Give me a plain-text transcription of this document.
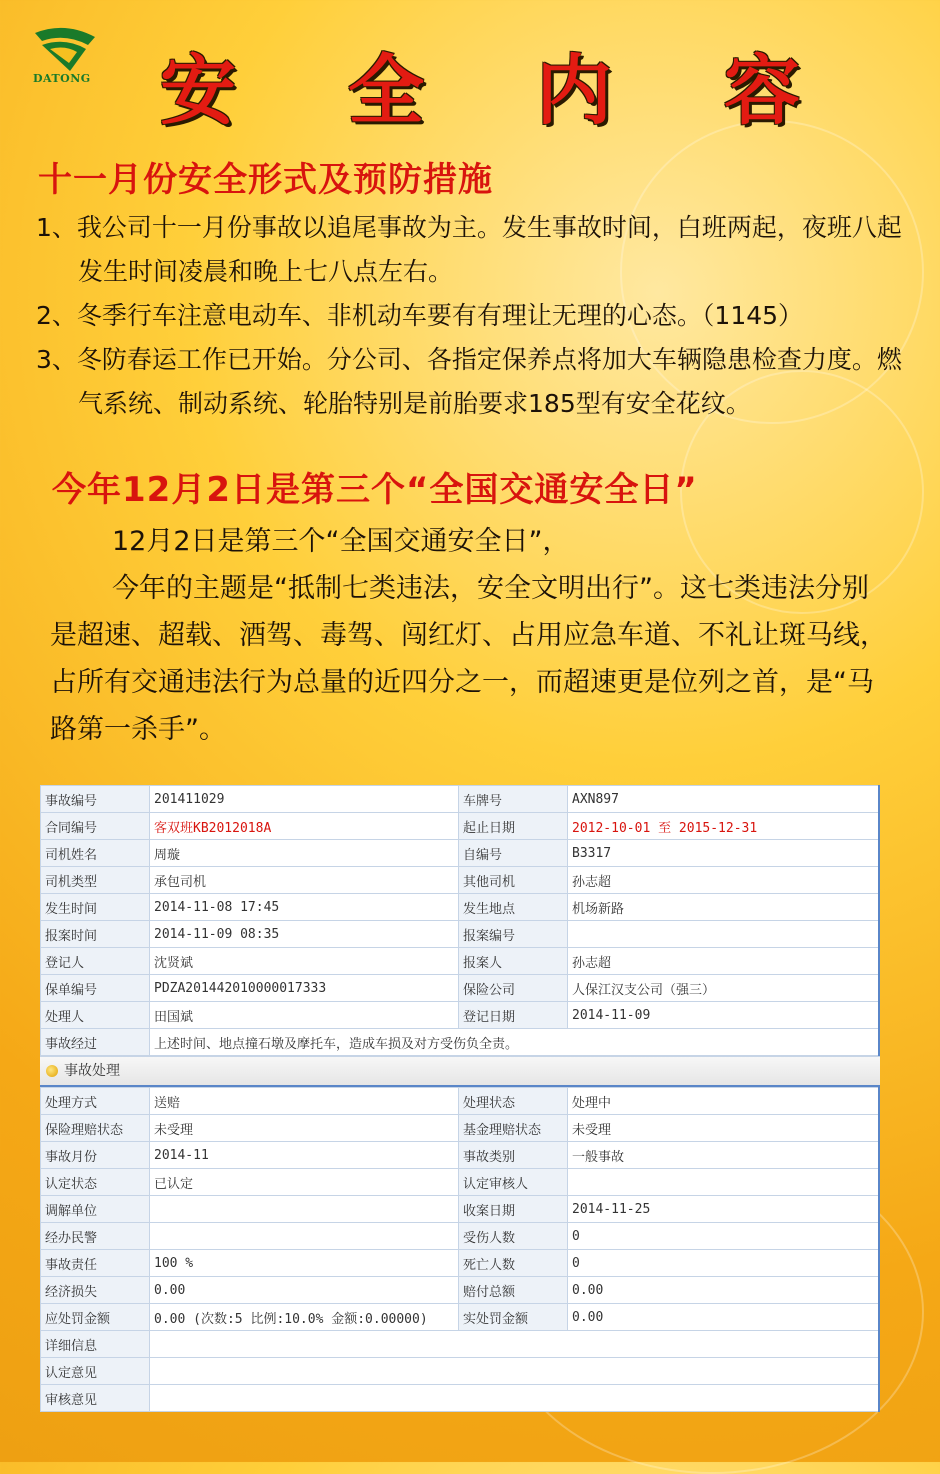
DATONG 安 全 内 容
十一月份安全形式及预防措施
1、我公司十一月份事故以追尾事故为主。发生事故时间，白班两起，夜班八起发生时间凌晨和晚上七八点左右。
2、冬季行车注意电动车、非机动车要有有理让无理的心态。（1145）
3、冬防春运工作已开始。分公司、各指定保养点将加大车辆隐患检查力度。燃气系统、制动系统、轮胎特别是前胎要求185型有安全花纹。
今年12月2日是第三个“全国交通安全日”
12月2日是第三个“全国交通安全日”，
今年的主题是“抵制七类违法，安全文明出行”。这七类违法分别是超速、超载、酒驾、毒驾、闯红灯、占用应急车道、不礼让斑马线，占所有交通违法行为总量的近四分之一，而超速更是位列之首，是“马路第一杀手”。
事故编号	201411029	车牌号	AXN897
合同编号	客双班KB2012018A	起止日期	2012-10-01 至 2015-12-31
司机姓名	周璇	自编号	B3317
司机类型	承包司机	其他司机	孙志超
发生时间	2014-11-08 17:45	发生地点	机场新路
报案时间	2014-11-09 08:35	报案编号	
登记人	沈贤斌	报案人	孙志超
保单编号	PDZA201442010000017333	保险公司	人保江汉支公司（强三）
处理人	田国斌	登记日期	2014-11-09
事故经过	上述时间、地点撞石墩及摩托车，造成车损及对方受伤负全责。		
事故处理
处理方式	送赔	处理状态	处理中
保险理赔状态	未受理	基金理赔状态	未受理
事故月份	2014-11	事故类别	一般事故
认定状态	已认定	认定审核人	
调解单位		收案日期	2014-11-25
经办民警		受伤人数	0
事故责任	100 %	死亡人数	0
经济损失	0.00	赔付总额	0.00
应处罚金额	0.00 (次数:5 比例:10.0% 金额:0.00000)	实处罚金额	0.00
详细信息			
认定意见			
审核意见			
